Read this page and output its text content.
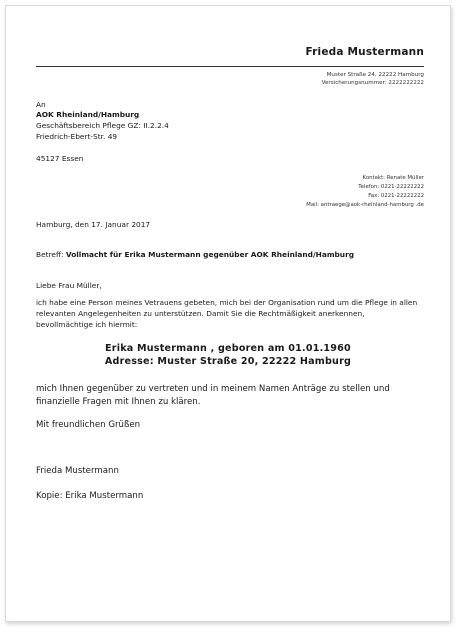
Frieda Mustermann
Muster Straße 24, 22222 Hamburg
Versicherungsnummer: 2222222222
An
AOK Rheinland/Hamburg
Geschäftsbereich Pflege GZ: II.2.2.4
Friedrich-Ebert-Str. 49
45127 Essen
Kontakt: Renate Müller
Telefon: 0221-22222222
Fax: 0221-22222222
Mail: antraege@aok-rheinland-hamburg .de
Hamburg, den 17. Januar 2017
Betreff: Vollmacht für Erika Mustermann gegenüber AOK Rheinland/Hamburg
Liebe Frau Müller,
ich habe eine Person meines Vetrauens gebeten, mich bei der Organisation rund um die Pflege in allen
relevanten Angelegenheiten zu unterstützen. Damit Sie die Rechtmäßigkeit anerkennen,
bevollmächtige ich hiermit:
Erika Mustermann , geboren am 01.01.1960
Adresse: Muster Straße 20, 22222 Hamburg
mich Ihnen gegenüber zu vertreten und in meinem Namen Anträge zu stellen und
finanzielle Fragen mit Ihnen zu klären.
Mit freundlichen Grüßen
Frieda Mustermann
Kopie: Erika Mustermann
